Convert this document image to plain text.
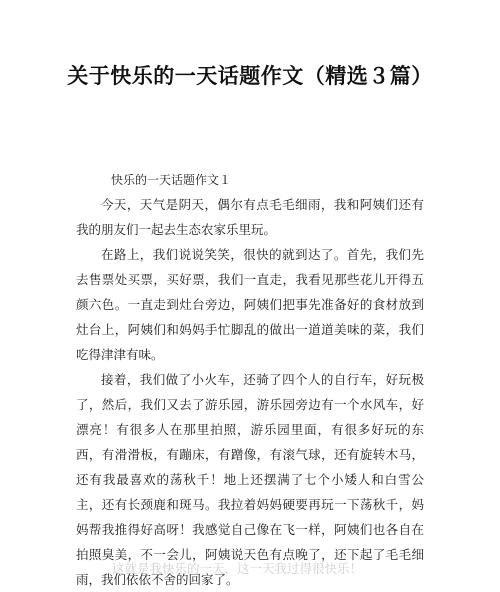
关于快乐的一天话题作文（精选３篇）
快乐的一天话题作文１

今天，天气是阴天，偶尔有点毛毛细雨，我和阿姨们还有我的朋友们一起去生态农家乐里玩。

在路上，我们说说笑笑，很快的就到达了。首先，我们先去售票处买票，买好票，我们一直走，我看见那些花儿开得五颜六色。一直走到灶台旁边，阿姨们把事先准备好的食材放到灶台上，阿姨们和妈妈手忙脚乱的做出一道道美味的菜，我们吃得津津有味。

接着，我们做了小火车，还骑了四个人的自行车，好玩极了，然后，我们又去了游乐园，游乐园旁边有一个水风车，好漂亮！有很多人在那里拍照，游乐园里面，有很多好玩的东西，有滑滑板，有蹦床，有蹭像，有滚气球，还有旋转木马，还有我最喜欢的荡秋千！地上还摆满了七个小矮人和白雪公主，还有长颈鹿和斑马。我拉着妈妈硬要再玩一下荡秋千，妈妈帮我推得好高呀！我感觉自己像在飞一样，阿姨们也各自在拍照臭美，不一会儿，阿姨说天色有点晚了，还下起了毛毛细雨，我们依依不舍的回家了。

这就是我快乐的一天，这一天我过得很快乐！
